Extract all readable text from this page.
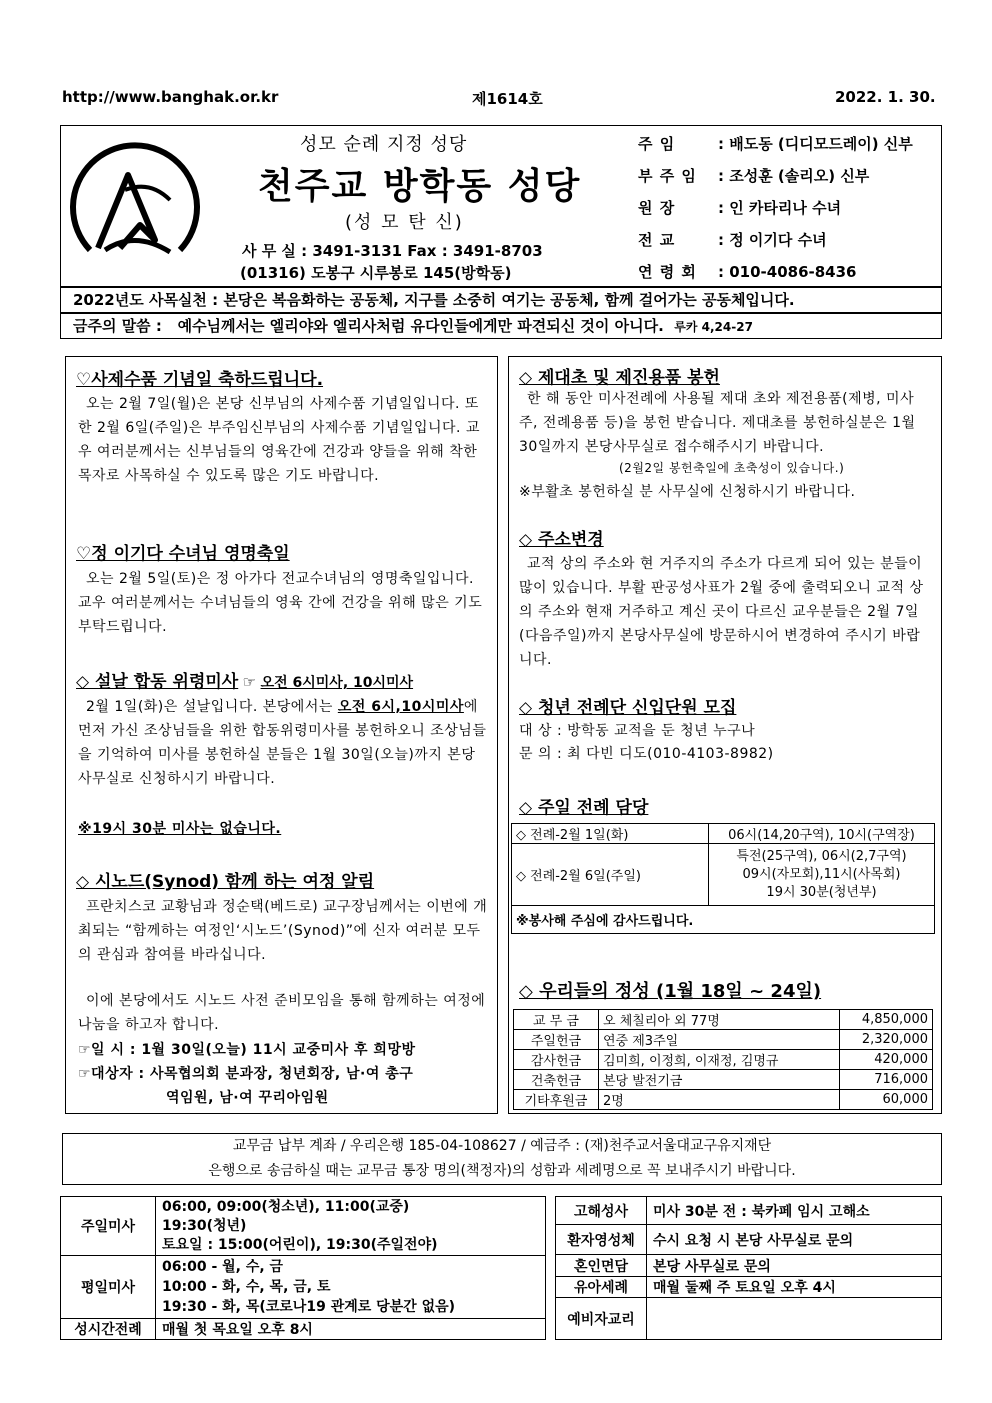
http://www.banghak.or.kr	제1614호	2022. 1. 30.
성모 순례 지정 성당
천주교 방학동 성당
(성 모 탄 신)
사 무 실 : 3491-3131 Fax : 3491-8703
(01316) 도봉구 시루봉로 145(방학동)
주 임	: 배도동 (디디모드레이) 신부
부 주 임 : 조성훈 (솔리오) 신부
원 장	: 인 카타리나 수녀
전 교	: 정 이기다 수녀
연 령 회 : 010-4086-8436
2022년도 사목실천 : 본당은 복음화하는 공동체, 지구를 소중히 여기는 공동체, 함께 걸어가는 공동체입니다.
금주의 말씀 : 예수님께서는 엘리야와 엘리사처럼 유다인들에게만 파견되신 것이 아니다. 루카 4,24-27
♡사제수품 기념일 축하드립니다.
오는 2월 7일(월)은 본당 신부님의 사제수품 기념일입니다. 또한 2월 6일(주일)은 부주임신부님의 사제수품 기념일입니다. 교우 여러분께서는 신부님들의 영육간에 건강과 양들을 위해 착한 목자로 사목하실 수 있도록 많은 기도 바랍니다.
♡정 이기다 수녀님 영명축일
오는 2월 5일(토)은 정 아가다 전교수녀님의 영명축일입니다. 교우 여러분께서는 수녀님들의 영육 간에 건강을 위해 많은 기도 부탁드립니다.
◇ 설날 합동 위령미사 ☞ 오전 6시미사, 10시미사
2월 1일(화)은 설날입니다. 본당에서는 오전 6시,10시미사에 먼저 가신 조상님들을 위한 합동위령미사를 봉헌하오니 조상님들을 기억하여 미사를 봉헌하실 분들은 1월 30일(오늘)까지 본당 사무실로 신청하시기 바랍니다.
※19시 30분 미사는 없습니다.
◇ 시노드(Synod) 함께 하는 여정 알림
프란치스코 교황님과 정순택(베드로) 교구장님께서는 이번에 개최되는 “함께하는 여정인‘시노드’(Synod)”에 신자 여러분 모두의 관심과 참여를 바라십니다.
이에 본당에서도 시노드 사전 준비모임을 통해 함께하는 여정에 나눔을 하고자 합니다.
☞일 시 : 1월 30일(오늘) 11시 교중미사 후 희망방
☞대상자 : 사목협의회 분과장, 청년회장, 남·여 총구
역임원, 남·여 꾸리아임원
◇ 제대초 및 제진용품 봉헌
한 해 동안 미사전례에 사용될 제대 초와 제전용품(제병, 미사주, 전례용품 등)을 봉헌 받습니다. 제대초를 봉헌하실분은 1월30일까지 본당사무실로 접수해주시기 바랍니다.
(2월2일 봉헌축일에 초축성이 있습니다.)
※부활초 봉헌하실 분 사무실에 신청하시기 바랍니다.
◇ 주소변경
교적 상의 주소와 현 거주지의 주소가 다르게 되어 있는 분들이 많이 있습니다. 부활 판공성사표가 2월 중에 출력되오니 교적 상의 주소와 현재 거주하고 계신 곳이 다르신 교우분들은 2월 7일(다음주일)까지 본당사무실에 방문하시어 변경하여 주시기 바랍니다.
◇ 청년 전례단 신입단원 모집
대 상 : 방학동 교적을 둔 청년 누구나
문 의 : 최 다빈 디도(010-4103-8982)
◇ 주일 전례 담당
◇ 전례-2월 1일(화)	06시(14,20구역), 10시(구역장)
◇ 전례-2월 6일(주일)	특전(25구역), 06시(2,7구역)
09시(자모회),11시(사목회)
19시 30분(청년부)

※봉사해 주심에 감사드립니다.	
◇ 우리들의 정성 (1월 18일 ~ 24일)
교 무 금	오 체칠리아 외 77명	4,850,000
주일헌금	연중 제3주일	2,320,000
감사헌금	김미희, 이정희, 이재정, 김명규	420,000
건축헌금	본당 발전기금	716,000
기타후원금	2명	60,000
교무금 납부 계좌 / 우리은행 185-04-108627 / 예금주 : (재)천주교서울대교구유지재단
은행으로 송금하실 때는 교무금 통장 명의(책정자)의 성함과 세례명으로 꼭 보내주시기 바랍니다.
주일미사	06:00, 09:00(청소년), 11:00(교중)
19:30(청년)
토요일 : 15:00(어린이), 19:30(주일전야)

평일미사	06:00 - 월, 수, 금
10:00 - 화, 수, 목, 금, 토
19:30 - 화, 목(코로나19 관계로 당분간 없음)

성시간전례	매월 첫 목요일 오후 8시
고해성사	미사 30분 전 : 북카페 임시 고해소
환자영성체	수시 요청 시 본당 사무실로 문의
혼인면담	본당 사무실로 문의
유아세례	매월 둘째 주 토요일 오후 4시
예비자교리	
